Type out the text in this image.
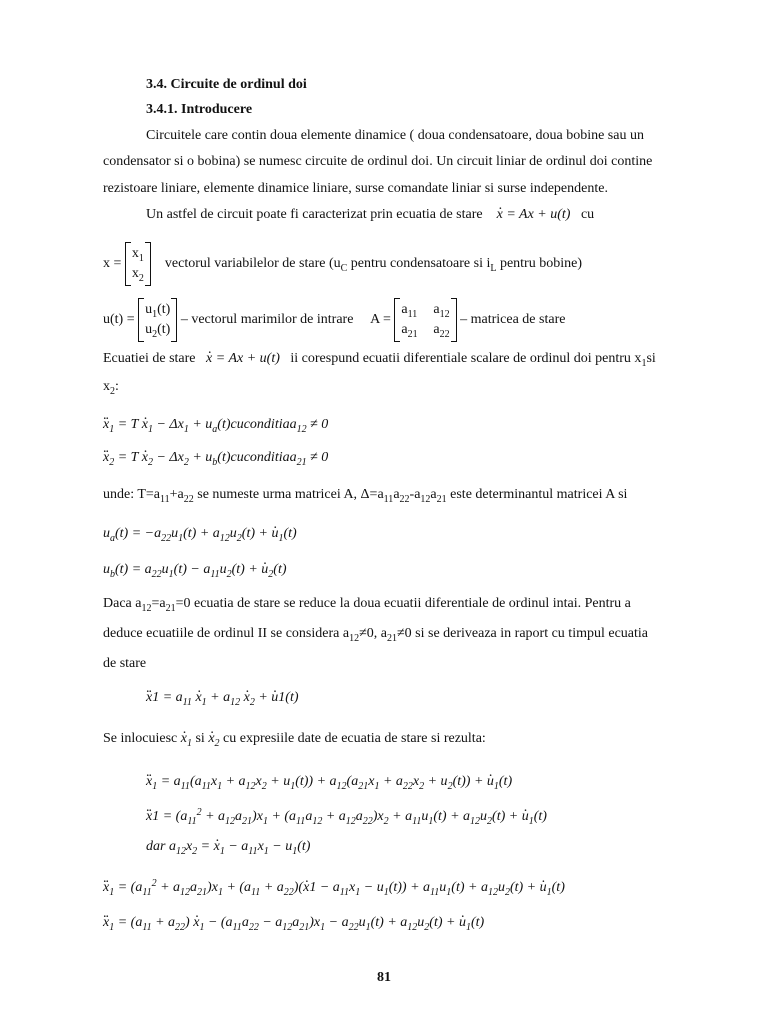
3.4. Circuite de ordinul doi
3.4.1. Introducere
Circuitele care contin doua elemente dinamice ( doua condensatoare, doua bobine sau un
condensator si o bobina) se numesc circuite de ordinul doi. Un circuit liniar de ordinul doi contine
rezistoare liniare, elemente dinamice liniare, surse comandate liniar si surse independente.
Un astfel de circuit poate fi caracterizat prin ecuatia de stare . x = Ax + u(t) cu
x =
$x_1$
$x_2$
vectorul variabilelor de stare ($u_C$ pentru condensatoare si $i_L$ pentru bobine)
u(t) =
$u_1(t)$
$u_2(t)$
– vectorul marimilor de intrare A =
$a_{11}$ $a_{12}$
$a_{21}$ $a_{22}$
– matricea de stare
Ecuatiei de stare . x = Ax + u(t) ii corespund ecuatii diferentiale scalare de ordinul doi pentru $x_1si$
$x_2$:
.. $x_1 = T$ . $x_1 - \Delta x_1$ + $u_a(t)cuconditiaa_{12} \ne 0$
.. $x_2 = T$ . $x_2 - \Delta x_2$ + $u_b(t)cuconditiaa_{21} \ne 0$
unde: $T=a_{11}+a_{22}$ se numeste urma matricei A, $\Delta=a_{11}a_{22}-a_{12}a_{21}$ este determinantul matricei A si
$u_a(t) = -a_{22}u_1(t) + a_{12}u_2(t)$ + . $u_1(t)$
$u_b(t) = a_{22}u_1(t) - a_{11}u_2(t)$ + . $u_2(t)$
Daca $a_{12}=a_{21}=0$ ecuatia de stare se reduce la doua ecuatii diferentiale de ordinul intai. Pentru a
deduce ecuatiile de ordinul II se considera $a_{12}\ne 0$, $a_{21}\ne 0$ si se deriveaza in raport cu timpul ecuatia
de stare
.. $x1 = a_{11}$ . $x_1 + a_{12}$ . $x_2$ + . u1(t)
Se inlocuiesc . $x_1$ si . $x_2$ cu expresiile date de ecuatia de stare si rezulta:
.. $x_1 = a_{11}(a_{11}x_1 + a_{12}x_2 + u_1(t)) + a_{12}(a_{21}x_1 + a_{22}x_2 + u_2(t))$ + . $u_1(t)$
.. $x1 = (a_{11}^2 + a_{12}a_{21})x_1 + (a_{11}a_{12} + a_{12}a_{22})x_2 + a_{11}u_1(t) + a_{12}u_2(t)$ + . $u_1(t)$
dar $a_{12}x_2$ = . $x_1 - a_{11}x_1 - u_1(t)$
.. $x_1 = (a_{11}^2 + a_{12}a_{21})x_1 + (a_{11} + a_{22})$(. $x1 - a_{11}x_1 - u_1(t)) + a_{11}u_1(t) + a_{12}u_2(t)$ + . $u_1(t)$
.. $x_1 = (a_{11} + a_{22})$ . $x_1 - (a_{11}a_{22} - a_{12}a_{21})x_1 - a_{22}u_1(t) + a_{12}u_2(t)$ + . $u_1(t)$
81
